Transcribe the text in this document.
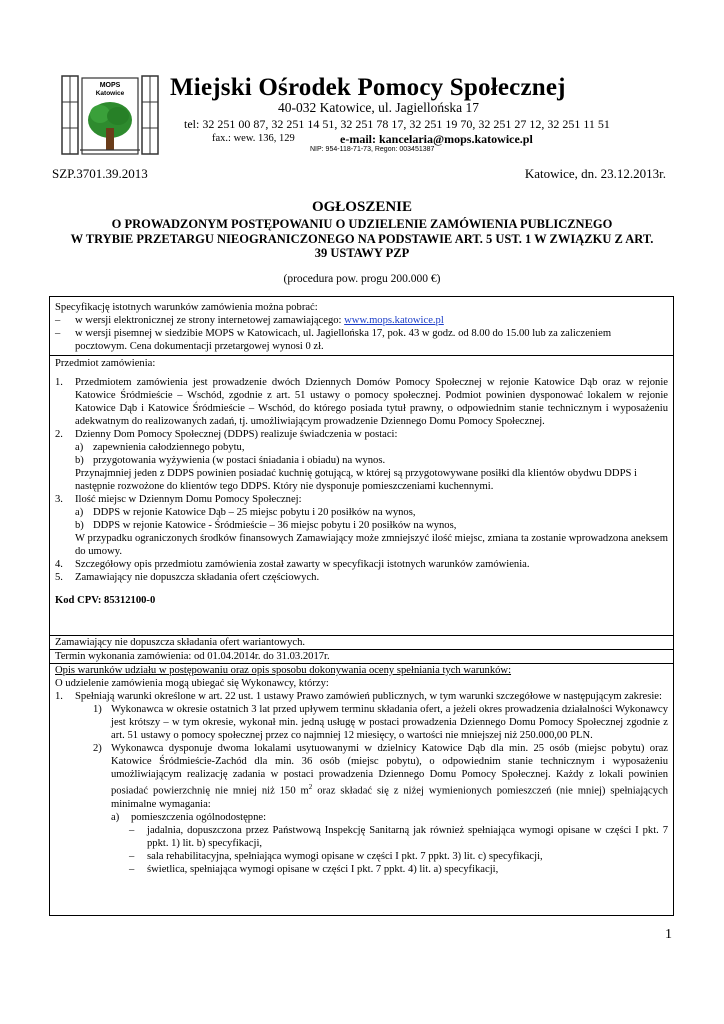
MOPS
Katowice Miejski Ośrodek Pomocy Społecznej
40-032 Katowice, ul. Jagiellońska 17
tel: 32 251 00 87, 32 251 14 51, 32 251 78 17, 32 251 19 70, 32 251 27 12, 32 251 11 51
fax.: wew. 136, 129	e-mail: kancelaria@mops.katowice.pl
NIP: 954-118-71-73, Regon: 003451387
SZP.3701.39.2013	Katowice, dn. 23.12.2013r.
OGŁOSZENIE
O PROWADZONYM POSTĘPOWANIU O UDZIELENIE ZAMÓWIENIA PUBLICZNEGO
W TRYBIE PRZETARGU NIEOGRANICZONEGO NA PODSTAWIE ART. 5 UST. 1 W ZWIĄZKU Z ART.
39 USTAWY PZP
(procedura pow. progu 200.000 €)
Specyfikację istotnych warunków zamówienia można pobrać:
– w wersji elektronicznej ze strony internetowej zamawiającego: www.mops.katowice.pl
– w wersji pisemnej w siedzibie MOPS w Katowicach, ul. Jagiellońska 17, pok. 43 w godz. od 8.00 do 15.00 lub za zaliczeniem
pocztowym. Cena dokumentacji przetargowej wynosi 0 zł.
Przedmiot zamówienia:
1. Przedmiotem zamówienia jest prowadzenie dwóch Dziennych Domów Pomocy Społecznej w rejonie Katowice Dąb oraz w rejonie Katowice Śródmieście – Wschód, zgodnie z art. 51 ustawy o pomocy społecznej. Podmiot powinien dysponować lokalem w rejonie Katowice Dąb i Katowice Śródmieście – Wschód, do którego posiada tytuł prawny, o odpowiednim stanie technicznym i wyposażeniu adekwatnym do realizowanych zadań, tj. umożliwiającym prowadzenie Dziennego Domu Pomocy Społecznej.
2. Dzienny Dom Pomocy Społecznej (DDPS) realizuje świadczenia w postaci:
a) zapewnienia całodziennego pobytu,
b) przygotowania wyżywienia (w postaci śniadania i obiadu) na wynos.
Przynajmniej jeden z DDPS powinien posiadać kuchnię gotującą, w której są przygotowywane posiłki dla klientów obydwu DDPS i następnie rozwożone do klientów tego DDPS. Który nie dysponuje pomieszczeniami kuchennymi.
3. Ilość miejsc w Dziennym Domu Pomocy Społecznej:
a) DDPS w rejonie Katowice Dąb – 25 miejsc pobytu i 20 posiłków na wynos,
b) DDPS w rejonie Katowice - Śródmieście – 36 miejsc pobytu i 20 posiłków na wynos,
W przypadku ograniczonych środków finansowych Zamawiający może zmniejszyć ilość miejsc, zmiana ta zostanie wprowadzona aneksem do umowy.
4. Szczegółowy opis przedmiotu zamówienia został zawarty w specyfikacji istotnych warunków zamówienia.
5. Zamawiający nie dopuszcza składania ofert częściowych.
Kod CPV: 85312100-0
Zamawiający nie dopuszcza składania ofert wariantowych.
Termin wykonania zamówienia: od 01.04.2014r. do 31.03.2017r.
Opis warunków udziału w postępowaniu oraz opis sposobu dokonywania oceny spełniania tych warunków:
O udzielenie zamówienia mogą ubiegać się Wykonawcy, którzy:
1. Spełniają warunki określone w art. 22 ust. 1 ustawy Prawo zamówień publicznych, w tym warunki szczegółowe w następującym zakresie:
1) Wykonawca w okresie ostatnich 3 lat przed upływem terminu składania ofert, a jeżeli okres prowadzenia działalności Wykonawcy jest krótszy – w tym okresie, wykonał min. jedną usługę w postaci prowadzenia Dziennego Domu Pomocy Społecznej zgodnie z art. 51 ustawy o pomocy społecznej przez co najmniej 12 miesięcy, o wartości nie mniejszej niż 250.000,00 PLN.
2) Wykonawca dysponuje dwoma lokalami usytuowanymi w dzielnicy Katowice Dąb dla min. 25 osób (miejsc pobytu) oraz Katowice Śródmieście-Zachód dla min. 36 osób (miejsc pobytu), o odpowiednim stanie technicznym i wyposażeniu umożliwiającym realizację zadania w postaci prowadzenia Dziennego Domu Pomocy Społecznej. Każdy z lokali powinien posiadać powierzchnię nie mniej niż 150 $m^2$ oraz składać się z niżej wymienionych pomieszczeń (nie mniej) spełniających minimalne wymagania:
a) pomieszczenia ogólnodostępne:
– jadalnia, dopuszczona przez Państwową Inspekcję Sanitarną jak również spełniająca wymogi opisane w części I pkt. 7 ppkt. 1) lit. b) specyfikacji,
– sala rehabilitacyjna, spełniająca wymogi opisane w części I pkt. 7 ppkt. 3) lit. c) specyfikacji,
– świetlica, spełniająca wymogi opisane w części I pkt. 7 ppkt. 4) lit. a) specyfikacji,
1
